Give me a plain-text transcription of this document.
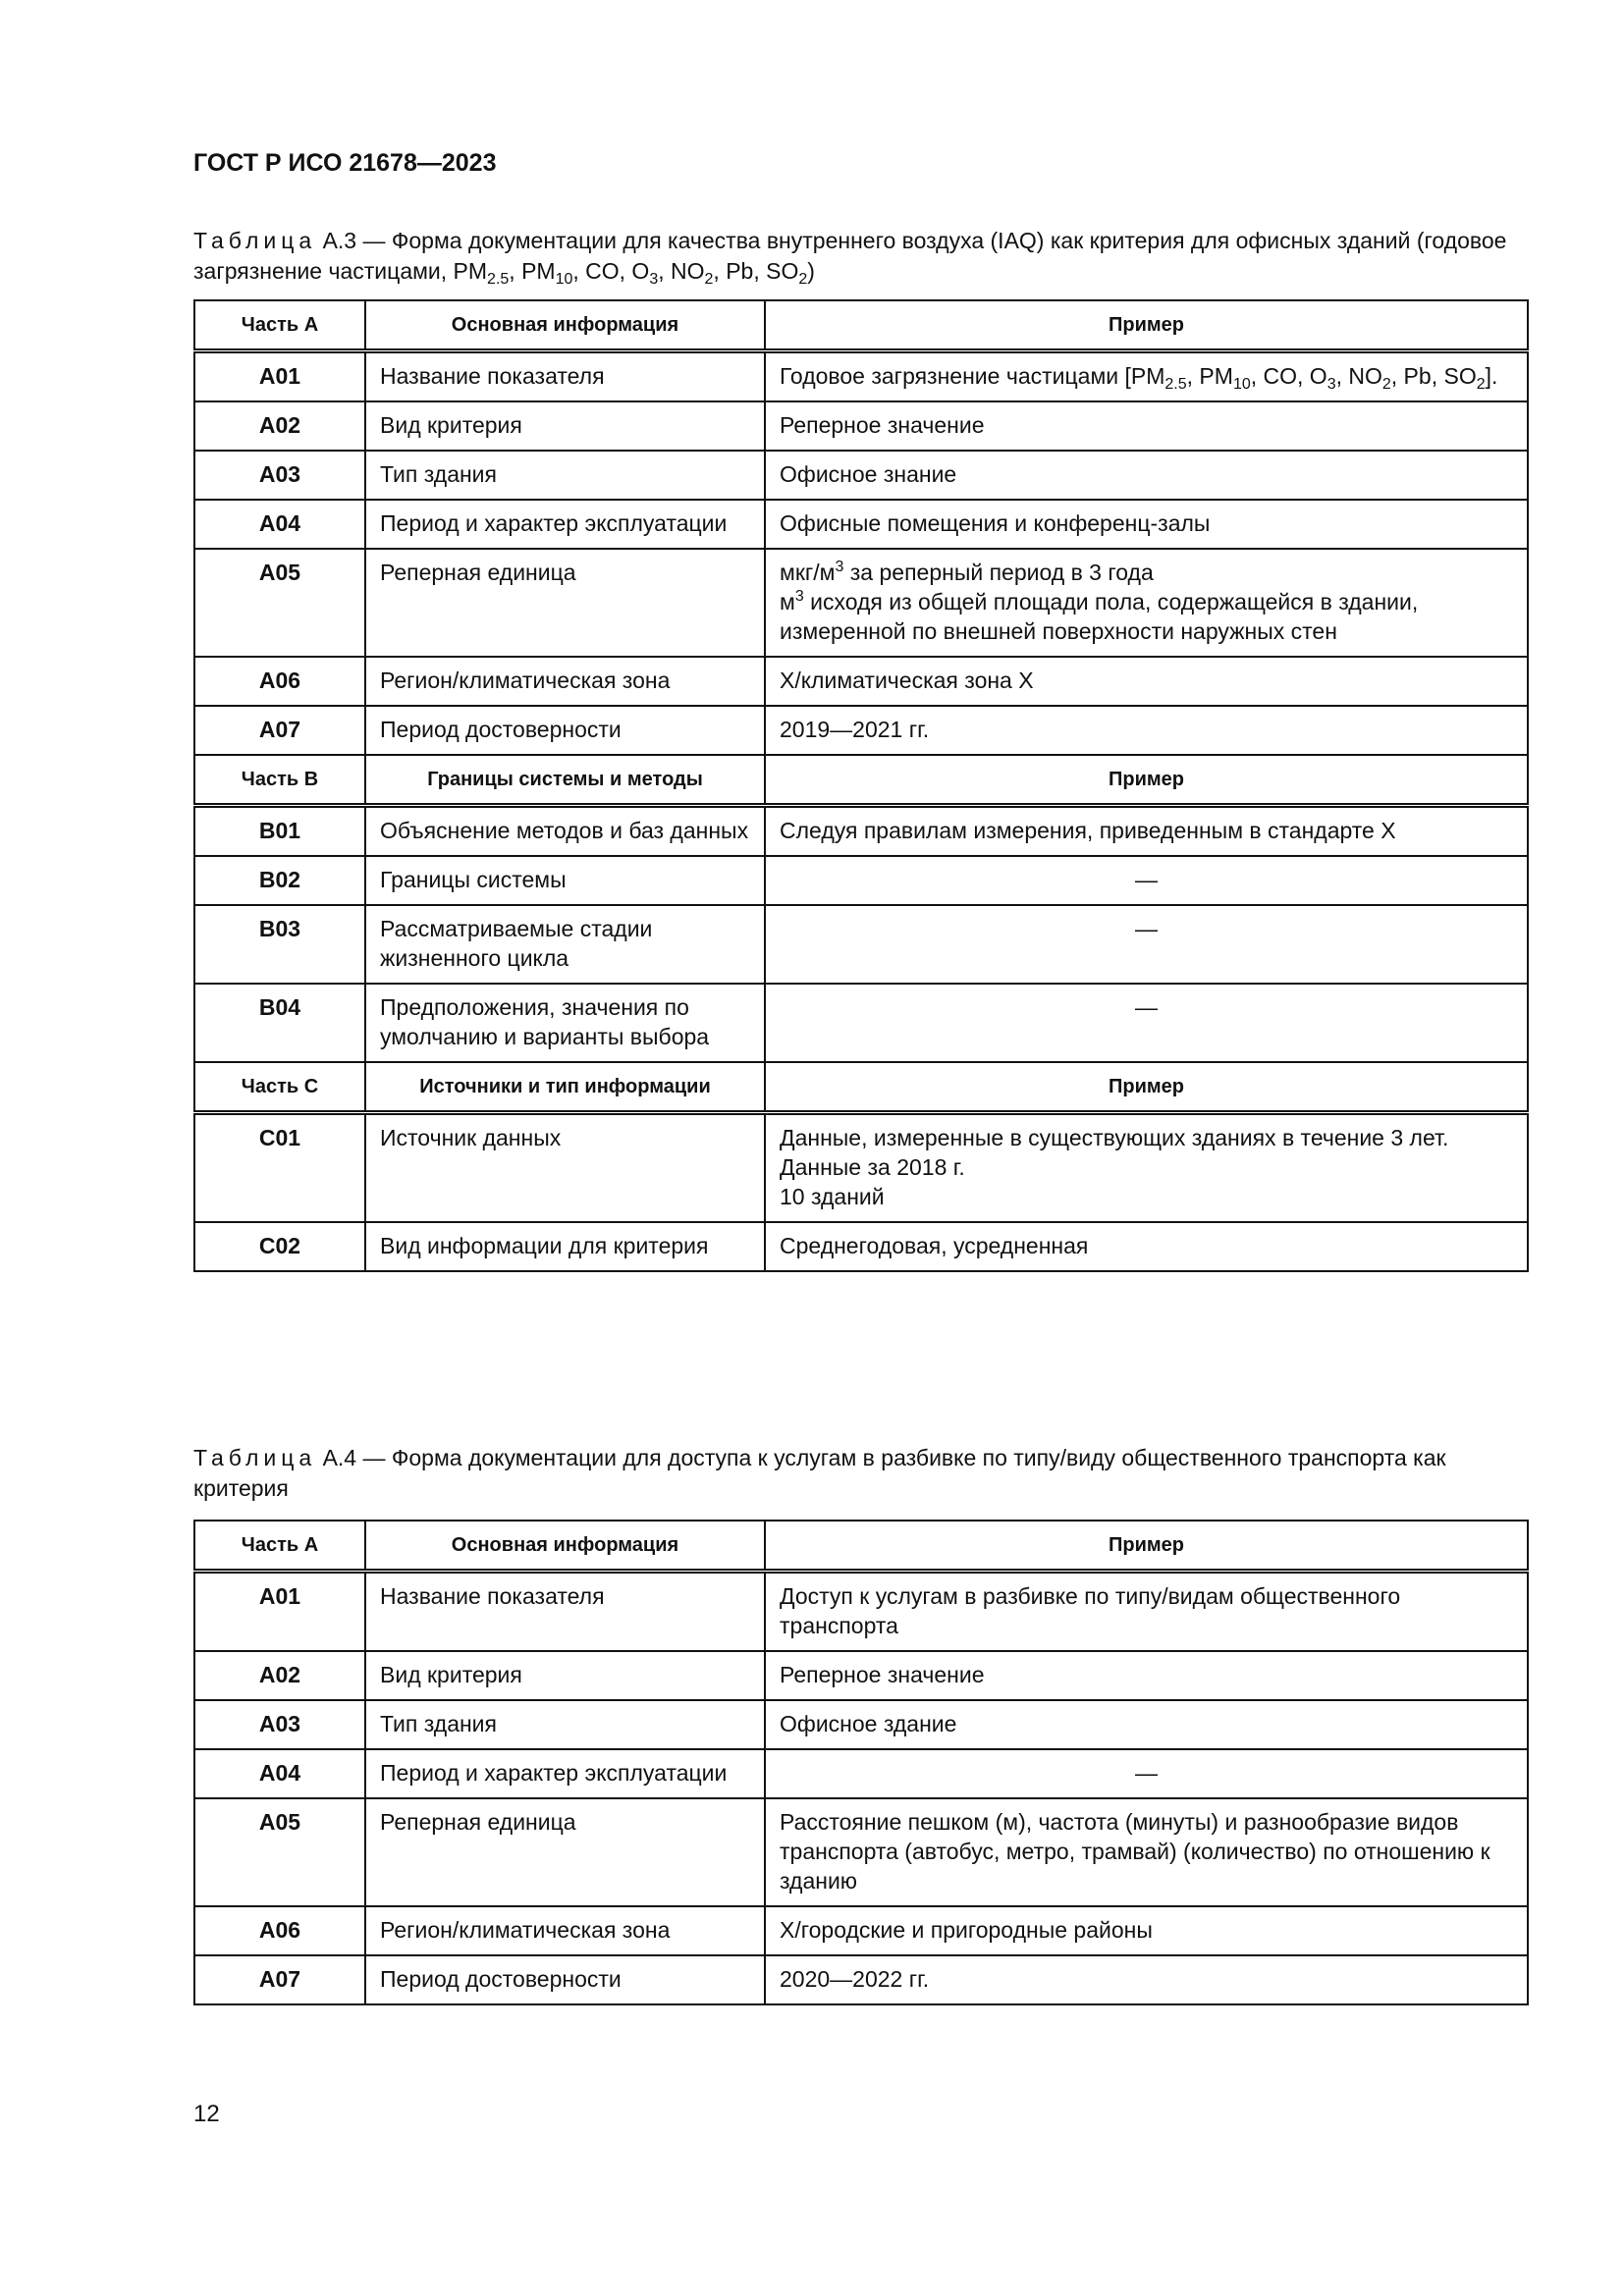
ГОСТ Р ИСО 21678—2023
Таблица А.3 — Форма документации для качества внутреннего воздуха (IAQ) как критерия для офисных зданий (годовое загрязнение частицами, $PM_{2.5}$, $PM_{10}$, CO, $O_3$, $NO_2$, Pb, $SO_2$)
Часть А	Основная информация	Пример
A01	Название показателя	Годовое загрязнение частицами [$PM_{2.5}$, $PM_{10}$, CO, $O_3$, $NO_2$, Pb, $SO_2$].
A02	Вид критерия	Реперное значение
A03	Тип здания	Офисное знание
A04	Период и характер эксплуатации	Офисные помещения и конференц-залы
A05	Реперная единица	мкг/$м^3$ за реперный период в 3 года
$м^3$ исходя из общей площади пола, содержащейся в здании, измеренной по внешней поверхности наружных стен
A06	Регион/климатическая зона	X/климатическая зона X
A07	Период достоверности	2019—2021 гг.
Часть В	Границы системы и методы	Пример
B01	Объяснение методов и баз данных	Следуя правилам измерения, приведенным в стандарте X
B02	Границы системы	—
B03	Рассматриваемые стадии жизненного цикла	—
B04	Предположения, значения по умолчанию и варианты выбора	—
Часть С	Источники и тип информации	Пример
C01	Источник данных	Данные, измеренные в существующих зданиях в течение 3 лет.
Данные за 2018 г.
10 зданий
C02	Вид информации для критерия	Среднегодовая, усредненная
Таблица А.4 — Форма документации для доступа к услугам в разбивке по типу/виду общественного транспорта как критерия
Часть А	Основная информация	Пример
A01	Название показателя	Доступ к услугам в разбивке по типу/видам общественного транспорта
A02	Вид критерия	Реперное значение
A03	Тип здания	Офисное здание
A04	Период и характер эксплуатации	—
A05	Реперная единица	Расстояние пешком (м), частота (минуты) и разнообразие видов транспорта (автобус, метро, трамвай) (количество) по отношению к зданию
A06	Регион/климатическая зона	X/городские и пригородные районы
A07	Период достоверности	2020—2022 гг.
12
